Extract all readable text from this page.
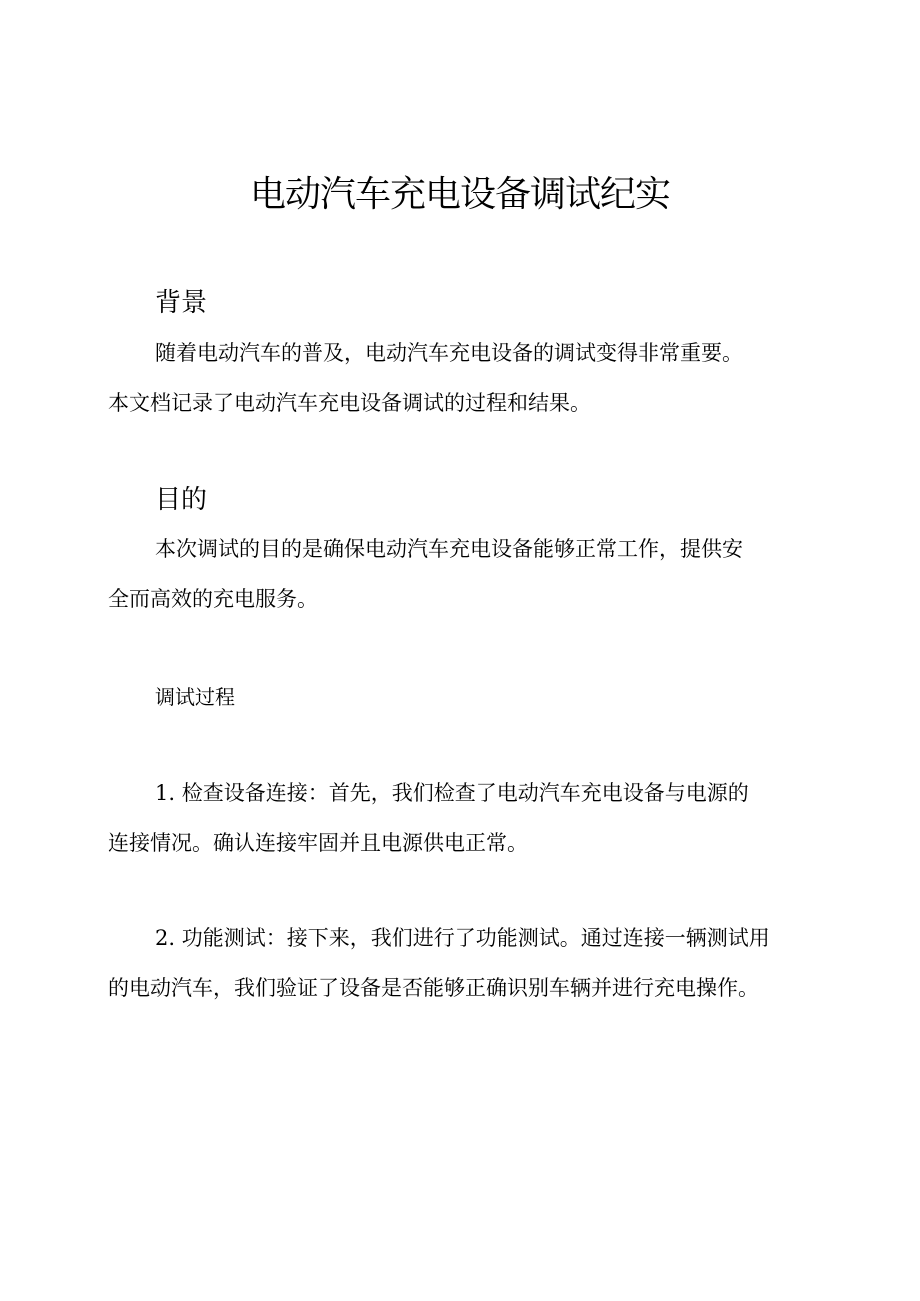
电动汽车充电设备调试纪实
背景
随着电动汽车的普及，电动汽车充电设备的调试变得非常重要。
本文档记录了电动汽车充电设备调试的过程和结果。
目的
本次调试的目的是确保电动汽车充电设备能够正常工作，提供安
全而高效的充电服务。
调试过程
1. 检查设备连接：首先，我们检查了电动汽车充电设备与电源的
连接情况。确认连接牢固并且电源供电正常。
2. 功能测试：接下来，我们进行了功能测试。通过连接一辆测试用
的电动汽车，我们验证了设备是否能够正确识别车辆并进行充电操作。
